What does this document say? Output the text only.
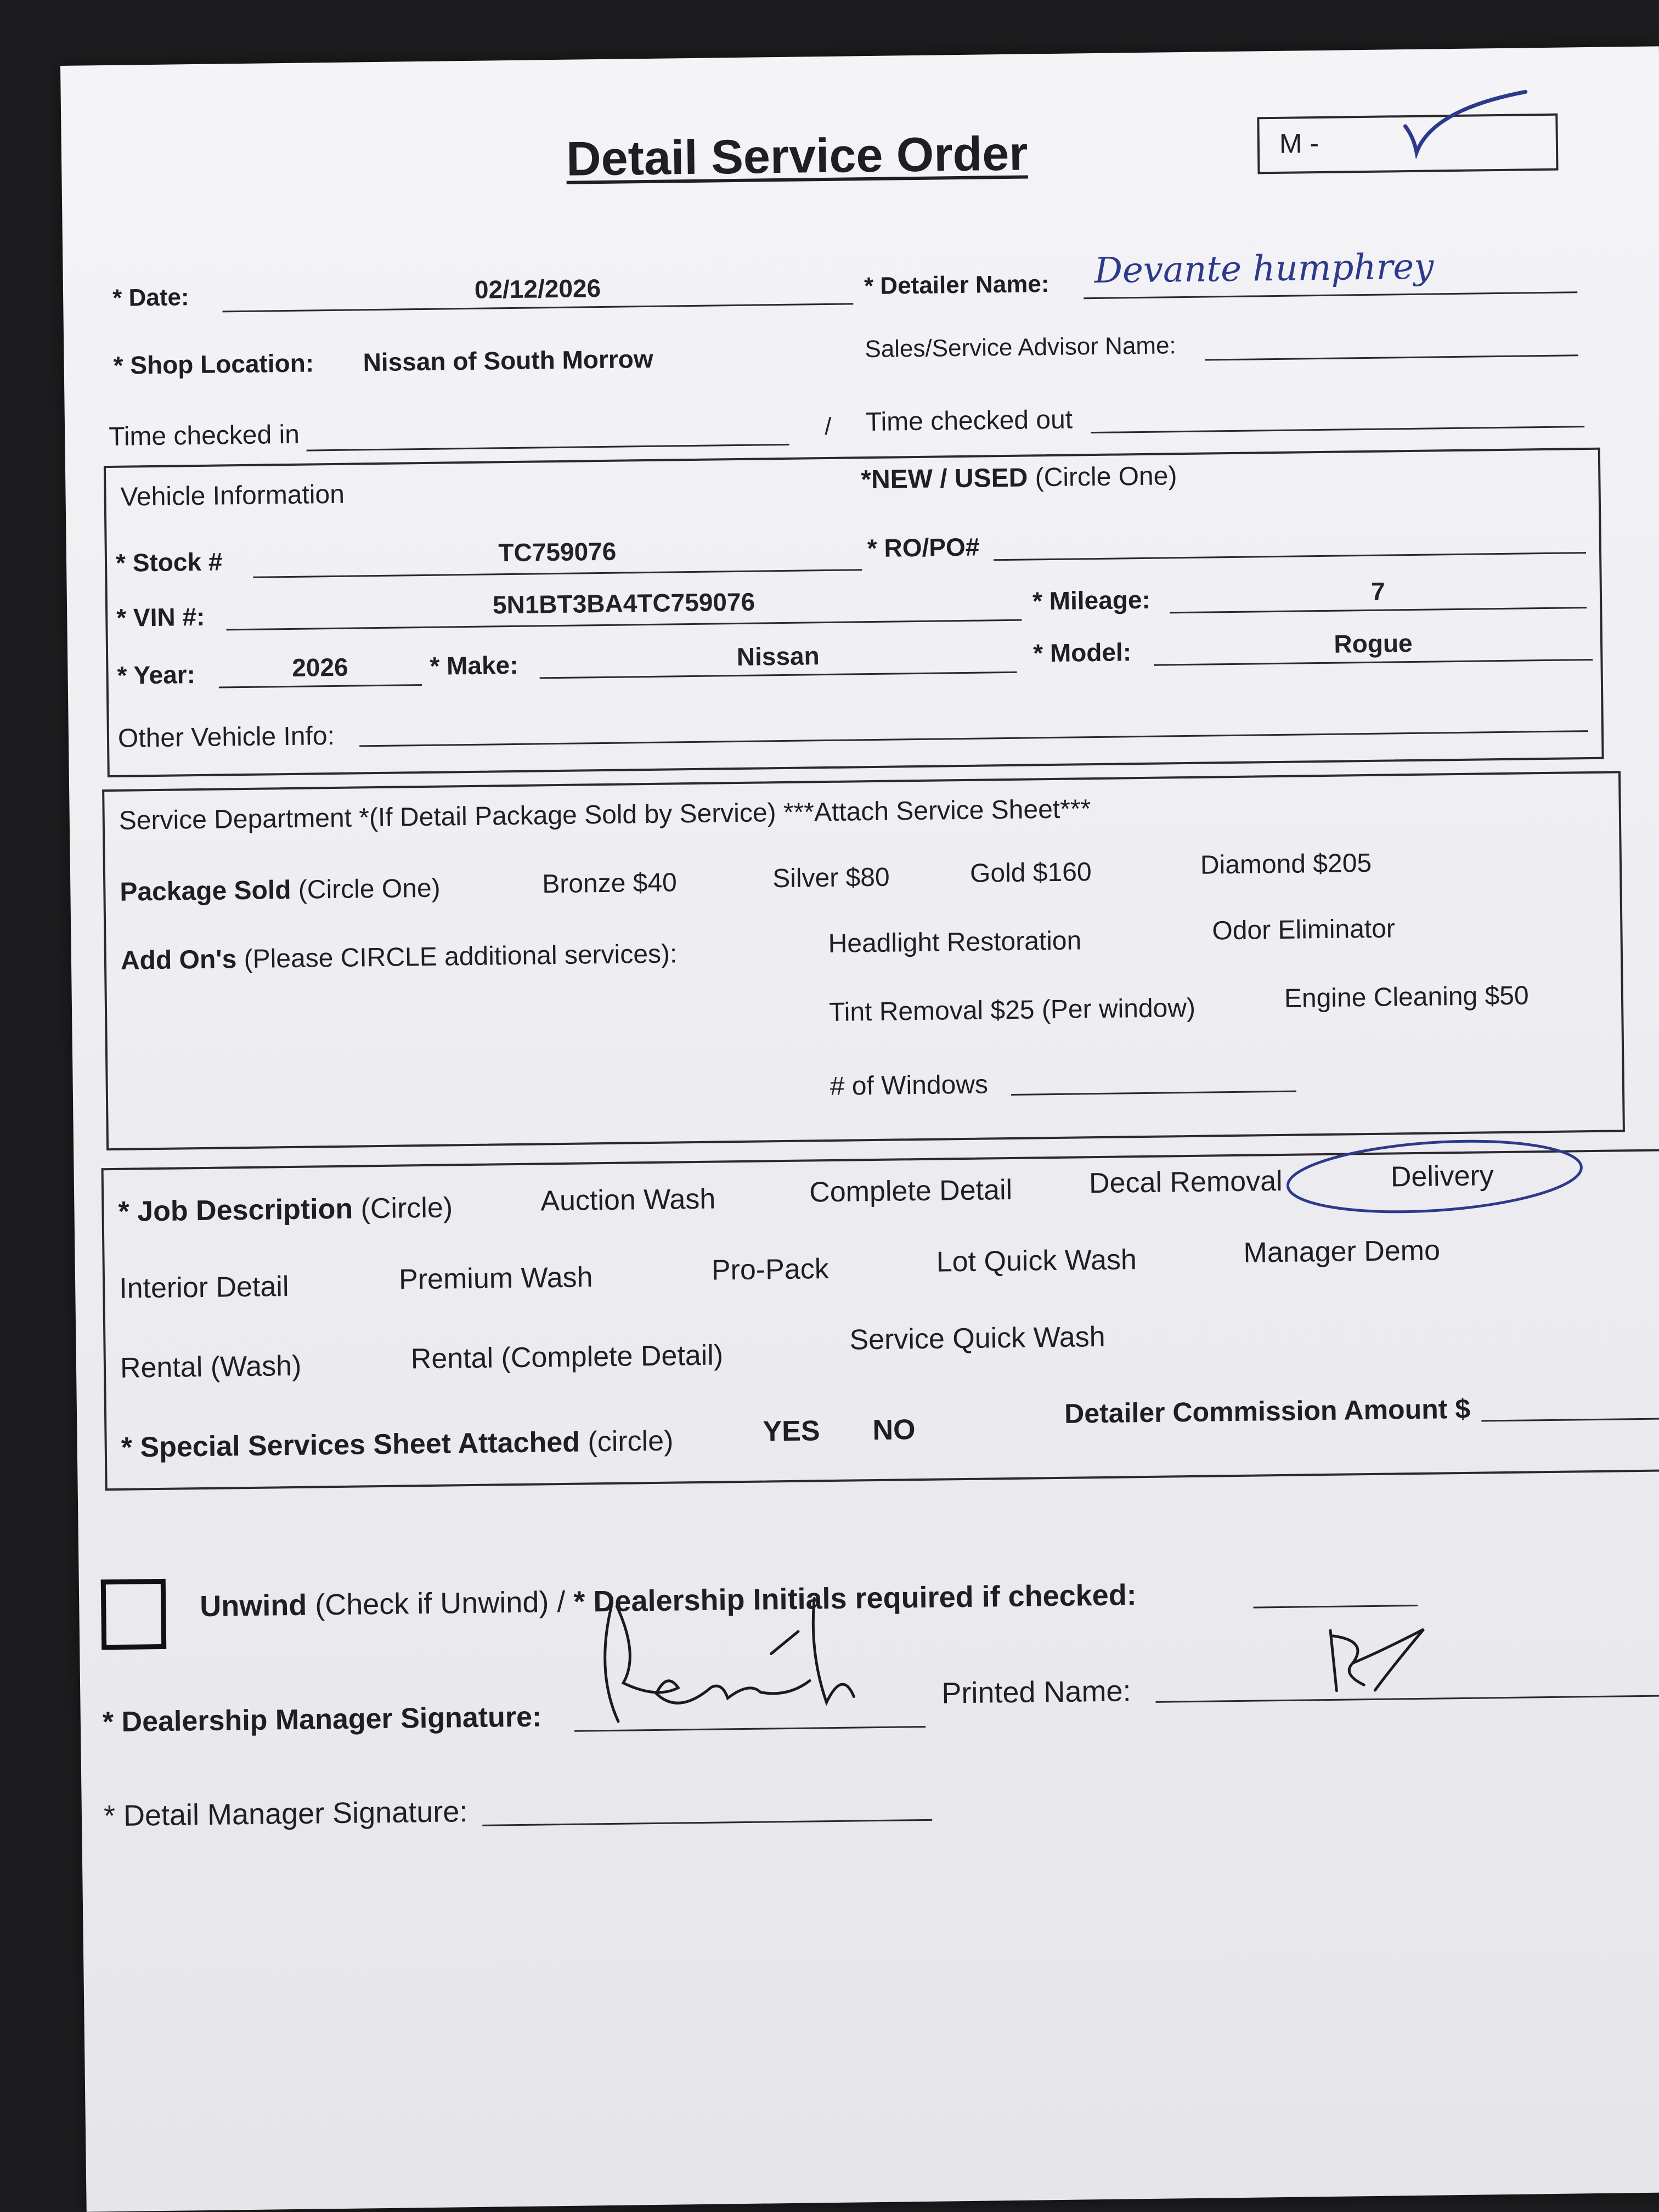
Detail Service Order	M -
* Date:	02/12/2026	* Detailer Name: Devante humphrey
* Shop Location: Nissan of South Morrow	Sales/Service Advisor Name:
Time checked in	/ Time checked out
Vehicle Information
*NEW / USED (Circle One)
* Stock #	TC759076	* RO/PO#
* VIN #:	5N1BT3BA4TC759076	* Mileage:	7
* Year:	2026	* Make:	Nissan	* Model:	Rogue
Other Vehicle Info:
Service Department *(If Detail Package Sold by Service) ***Attach Service Sheet***
Package Sold (Circle One)	Bronze $40	Silver $80	Gold $160	Diamond $205
Add On's (Please CIRCLE additional services):	Headlight Restoration	Odor Eliminator
Tint Removal $25 (Per window)	Engine Cleaning $50
# of Windows
* Job Description (Circle)	Auction Wash	Complete Detail	Decal Removal	Delivery
Interior Detail	Premium Wash	Pro-Pack	Lot Quick Wash	Manager Demo
Rental (Wash)	Rental (Complete Detail)
Service Quick Wash
* Special Services Sheet Attached (circle)	YES NO
Detailer Commission Amount $
Unwind (Check if Unwind) / * Dealership Initials required if checked:
* Dealership Manager Signature:
Printed Name:
* Detail Manager Signature:
